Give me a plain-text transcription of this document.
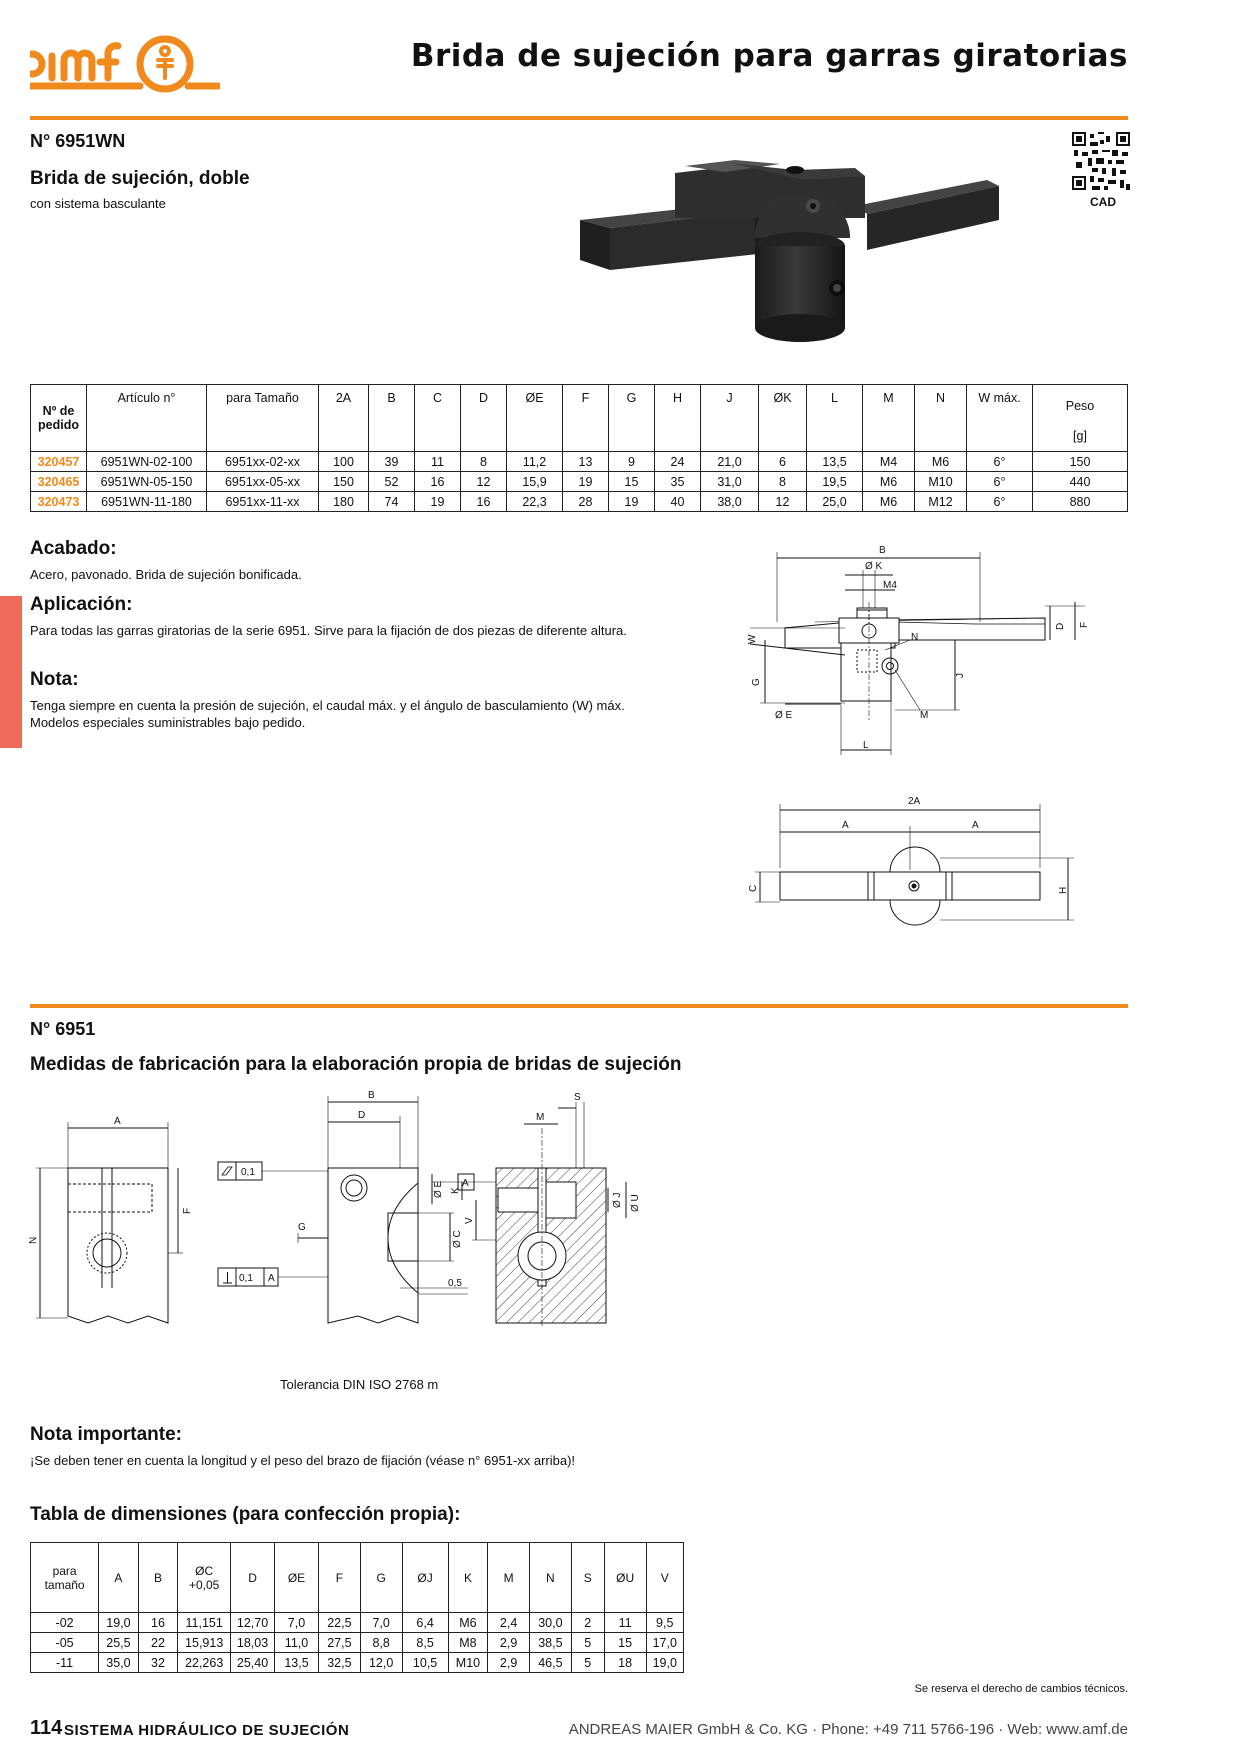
Brida de sujeción para garras giratorias
N° 6951WN
Brida de sujeción, doble
con sistema basculante	CAD
Nº de pedido	Artículo n°	para Tamaño	2A	B	C	D	ØE	F	G	H	J	ØK	L	M	N	W máx.	Peso
[g]
320457	6951WN-02-100	6951xx-02-xx	100	39	11	8	11,2	13	9	24	21,0	6	13,5	M4	M6	6°	150
320465	6951WN-05-150	6951xx-05-xx	150	52	16	12	15,9	19	15	35	31,0	8	19,5	M6	M10	6°	440
320473	6951WN-11-180	6951xx-11-xx	180	74	19	16	22,3	28	19	40	38,0	12	25,0	M6	M12	6°	880
Acabado:
Acero, pavonado. Brida de sujeción bonificada.
Aplicación:
Para todas las garras giratorias de la serie 6951. Sirve para la fijación de dos piezas de diferente altura.
Nota:
Tenga siempre en cuenta la presión de sujeción, el caudal máx. y el ángulo de basculamiento (W) máx. Modelos especiales suministrables bajo pedido.
B
Ø K
M4
W
D F
J
N
G
Ø E	M
L
2A
A	A
C	H
N° 6951
Medidas de fabricación para la elaboración propia de bridas de sujeción
A
N
F
B
D
0,1
0,1 A
G
Ø E A
Ø C
0,5
S
M
K
V
Ø J Ø U
Tolerancia DIN ISO 2768 m
Nota importante:
¡Se deben tener en cuenta la longitud y el peso del brazo de fijación (véase n° 6951-xx arriba)!
Tabla de dimensiones (para confección propia):
para tamaño	A	B	ØC +0,05	D	ØE	F	G	ØJ	K	M	N	S	ØU	V
-02	19,0	16	11,151	12,70	7,0	22,5	7,0	6,4	M6	2,4	30,0	2	11	9,5
-05	25,5	22	15,913	18,03	11,0	27,5	8,8	8,5	M8	2,9	38,5	5	15	17,0
-11	35,0	32	22,263	25,40	13,5	32,5	12,0	10,5	M10	2,9	46,5	5	18	19,0
Se reserva el derecho de cambios técnicos.
114 SISTEMA HIDRÁULICO DE SUJECIÓN	ANDREAS MAIER GmbH & Co. KG · Phone: +49 711 5766-196 · Web: www.amf.de
